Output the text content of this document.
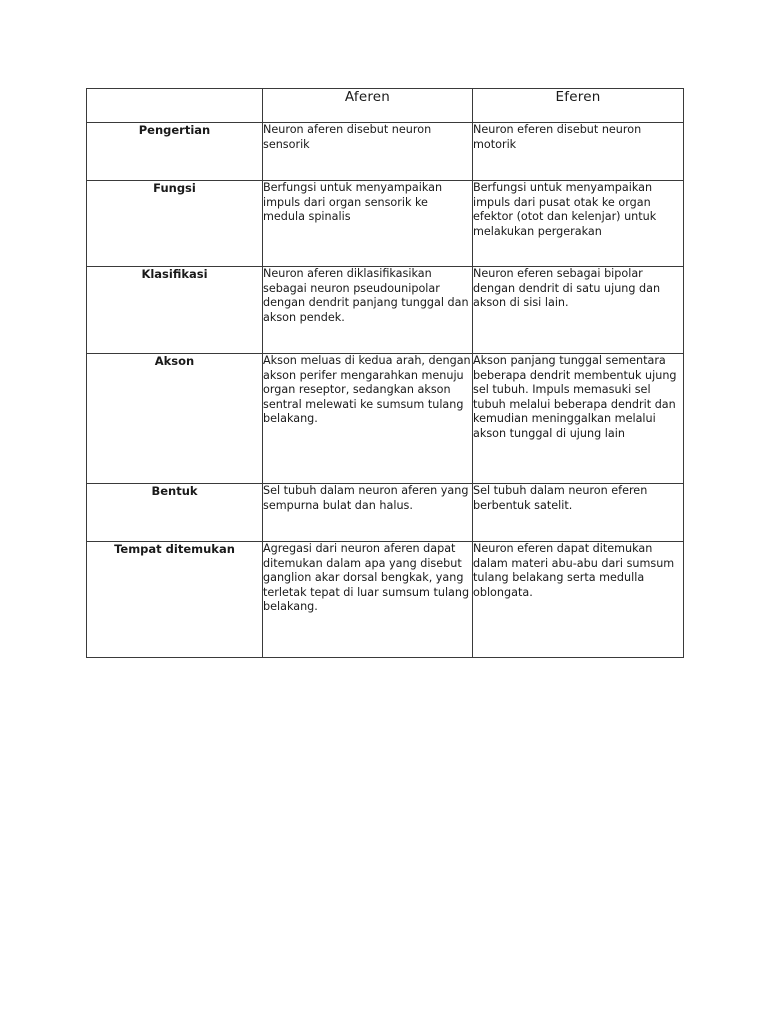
	Aferen	Eferen
Pengertian	Neuron aferen disebut neuron sensorik	Neuron eferen disebut neuron motorik
Fungsi	Berfungsi untuk menyampaikan impuls dari organ sensorik ke medula spinalis	Berfungsi untuk menyampaikan impuls dari pusat otak ke organ efektor (otot dan kelenjar) untuk melakukan pergerakan
Klasifikasi	Neuron aferen diklasifikasikan sebagai neuron pseudounipolar dengan dendrit panjang tunggal dan akson pendek.	Neuron eferen sebagai bipolar dengan dendrit di satu ujung dan akson di sisi lain.
Akson	Akson meluas di kedua arah, dengan akson perifer mengarahkan menuju organ reseptor, sedangkan akson sentral melewati ke sumsum tulang belakang.	Akson panjang tunggal sementara beberapa dendrit membentuk ujung sel tubuh. Impuls memasuki sel tubuh melalui beberapa dendrit dan kemudian meninggalkan melalui akson tunggal di ujung lain
Bentuk	Sel tubuh dalam neuron aferen yang sempurna bulat dan halus.	Sel tubuh dalam neuron eferen berbentuk satelit.
Tempat ditemukan	Agregasi dari neuron aferen dapat ditemukan dalam apa yang disebut ganglion akar dorsal bengkak, yang terletak tepat di luar sumsum tulang belakang.	Neuron eferen dapat ditemukan dalam materi abu-abu dari sumsum tulang belakang serta medulla oblongata.
